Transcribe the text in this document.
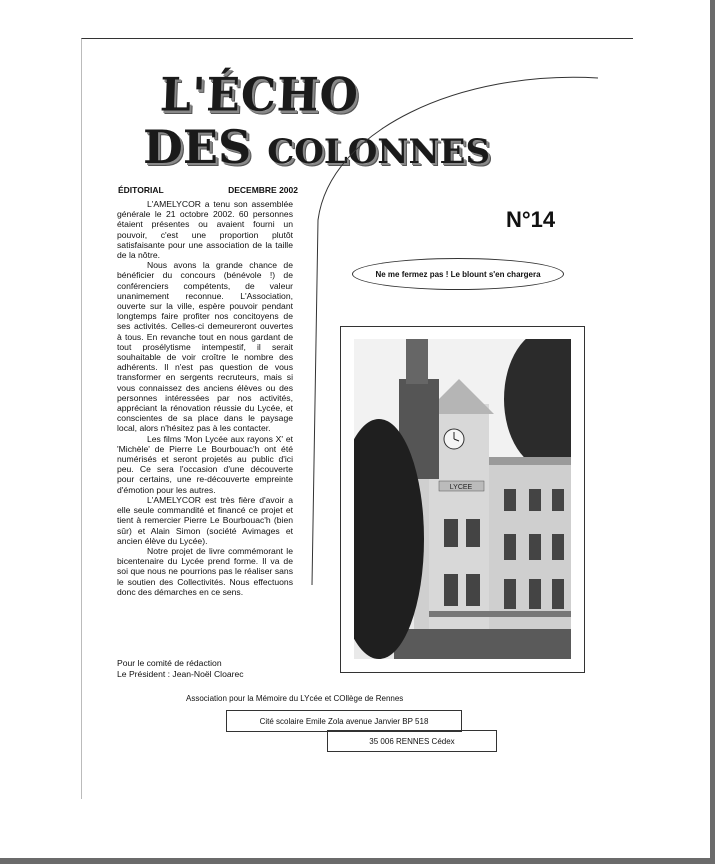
L'ÉCHO
DES COLONNES
ÉDITORIAL	DECEMBRE 2002

L'AMELYCOR a tenu son assemblée générale le 21 octobre 2002. 60 personnes étaient présentes ou avaient fourni un pouvoir, c'est une proportion plutôt satisfaisante pour une association de la taille de la nôtre.

Nous avons la grande chance de bénéficier du concours (bénévole !) de conférenciers compétents, de valeur unanimement reconnue. L'Association, ouverte sur la ville, espère pouvoir pendant longtemps faire profiter nos concitoyens de ses activités. Celles-ci demeureront ouvertes à tous. En revanche tout en nous gardant de tout prosélytisme intempestif, il serait souhaitable de voir croître le nombre des adhérents. Il n'est pas question de vous transformer en sergents recruteurs, mais si vous connaissez des anciens élèves ou des personnes intéressées par nos activités, appréciant la rénovation réussie du Lycée, et conscientes de sa place dans le paysage local, alors n'hésitez pas à les contacter.

Les films 'Mon Lycée aux rayons X' et 'Michèle' de Pierre Le Bourbouac'h ont été numérisés et seront projetés au public d'ici peu. Ce sera l'occasion d'une découverte pour certains, une re-découverte empreinte d'émotion pour les autres.

L'AMELYCOR est très fière d'avoir a elle seule commandité et financé ce projet et tient à remercier Pierre Le Bourbouac'h (bien sûr) et Alain Simon (société Avimages et ancien élève du Lycée).

Notre projet de livre commémorant le bicentenaire du Lycée prend forme. Il va de soi que nous ne pourrions pas le réaliser sans le soutien des Collectivités. Nous effectuons donc des démarches en ce sens.

Pour le comité de rédaction
Le Président : Jean-Noël Cloarec
N°14
Ne me fermez pas ! Le blount s'en chargera
LYCEE
Association pour la Mémoire du LYcée et COllège de Rennes
Cité scolaire Emile Zola avenue Janvier BP 518
35 006 RENNES Cédex
